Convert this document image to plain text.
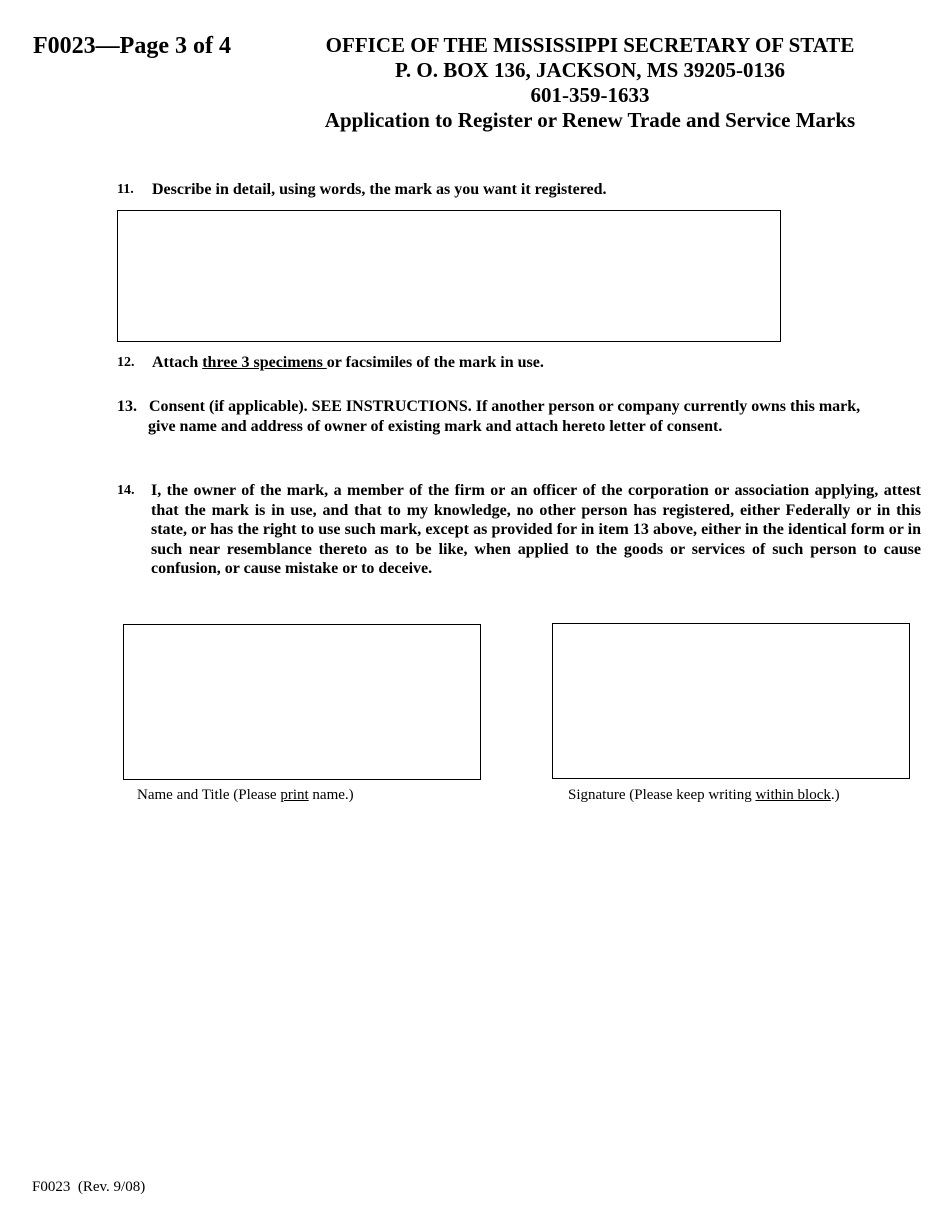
F0023—Page 3 of 4	OFFICE OF THE MISSISSIPPI SECRETARY OF STATE
P. O. BOX 136, JACKSON, MS 39205-0136
601-359-1633
Application to Register or Renew Trade and Service Marks
11. Describe in detail, using words, the mark as you want it registered.
12. Attach three 3 specimens or facsimiles of the mark in use.
13. Consent (if applicable). SEE INSTRUCTIONS. If another person or company currently owns this mark,
give name and address of owner of existing mark and attach hereto letter of consent.
14. I, the owner of the mark, a member of the firm or an officer of the corporation or association applying, attest that the mark is in use, and that to my knowledge, no other person has registered, either Federally or in this state, or has the right to use such mark, except as provided for in item 13 above, either in the identical form or in such near resemblance thereto as to be like, when applied to the goods or services of such person to cause confusion, or cause mistake or to deceive.
Name and Title (Please print name.)	Signature (Please keep writing within block.)
F0023  (Rev. 9/08)
